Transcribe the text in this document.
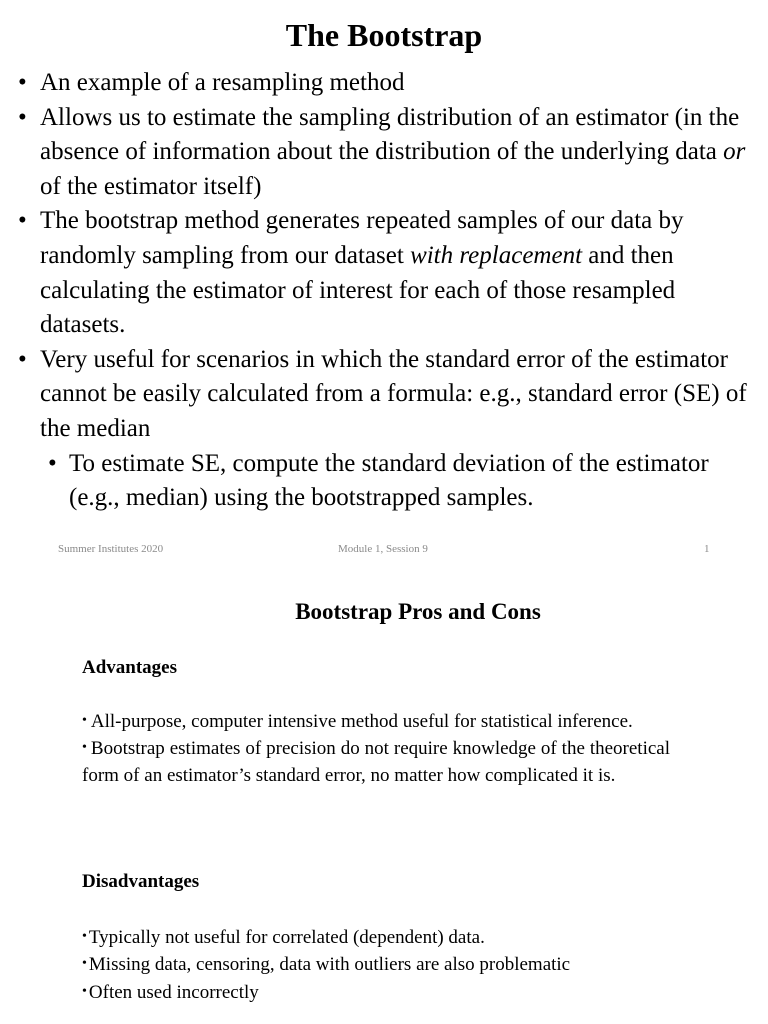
The Bootstrap
• An example of a resampling method
• Allows us to estimate the sampling distribution of an estimator (in the absence of information about the distribution of the underlying data or of the estimator itself)
• The bootstrap method generates repeated samples of our data by randomly sampling from our dataset with replacement and then calculating the estimator of interest for each of those resampled datasets.
• Very useful for scenarios in which the standard error of the estimator cannot be easily calculated from a formula: e.g., standard error (SE) of the median
• To estimate SE, compute the standard deviation of the estimator (e.g., median) using the bootstrapped samples.
Summer Institutes 2020	Module 1, Session 9	1
Bootstrap Pros and Cons
Advantages
• All-purpose, computer intensive method useful for statistical inference.
• Bootstrap estimates of precision do not require knowledge of the theoretical form of an estimator’s standard error, no matter how complicated it is.
Disadvantages
• Typically not useful for correlated (dependent) data.
• Missing data, censoring, data with outliers are also problematic
• Often used incorrectly
